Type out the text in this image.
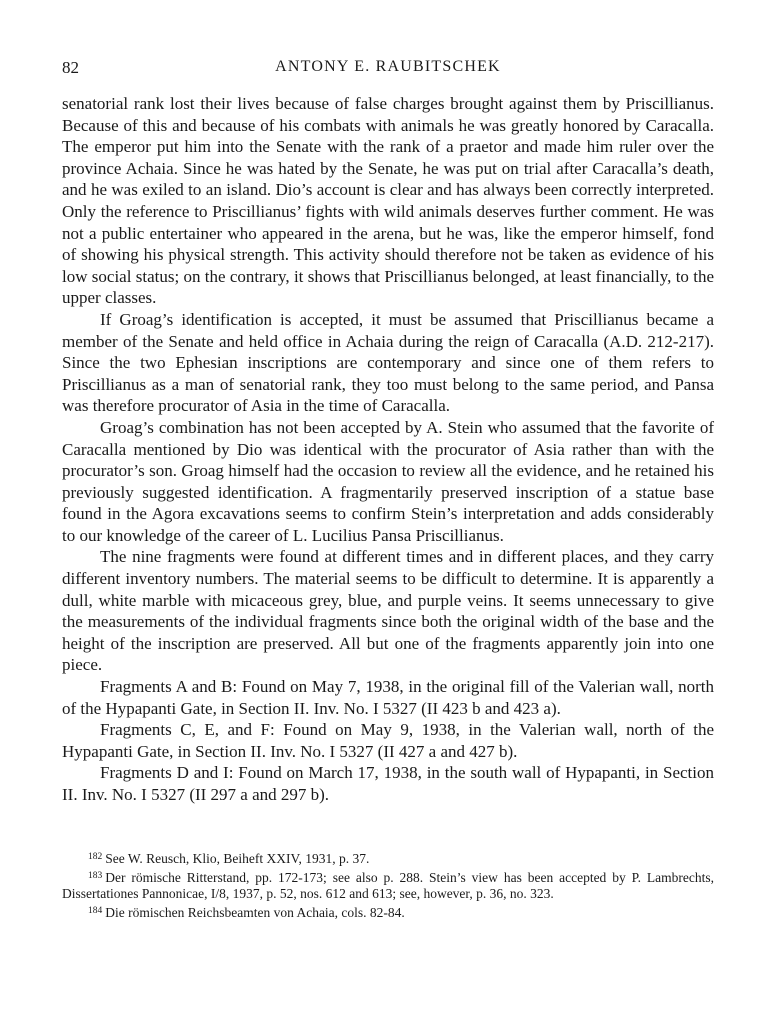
82	ANTONY E. RAUBITSCHEK

senatorial rank lost their lives because of false charges brought against them by Priscillianus. Because of this and because of his combats with animals he was greatly honored by Caracalla. The emperor put him into the Senate with the rank of a praetor and made him ruler over the province Achaia. Since he was hated by the Senate, he was put on trial after Caracalla’s death, and he was exiled to an island. Dio’s account is clear and has always been correctly interpreted. Only the reference to Priscillianus’ fights with wild animals deserves further comment. He was not a public entertainer who appeared in the arena, but he was, like the emperor himself, fond of showing his physical strength. This activity should therefore not be taken as evidence of his low social status; on the contrary, it shows that Priscillianus belonged, at least financially, to the upper classes.

If Groag’s identification is accepted, it must be assumed that Priscillianus became a member of the Senate and held office in Achaia during the reign of Caracalla (A.D. 212-217). Since the two Ephesian inscriptions are contemporary and since one of them refers to Priscillianus as a man of senatorial rank, they too must belong to the same period, and Pansa was therefore procurator of Asia in the time of Caracalla.

Groag’s combination has not been accepted by A. Stein who assumed that the favorite of Caracalla mentioned by Dio was identical with the procurator of Asia rather than with the procurator’s son. Groag himself had the occasion to review all the evidence, and he retained his previously suggested identification. A fragmentarily preserved inscription of a statue base found in the Agora excavations seems to confirm Stein’s interpretation and adds considerably to our knowledge of the career of L. Lucilius Pansa Priscillianus.

The nine fragments were found at different times and in different places, and they carry different inventory numbers. The material seems to be difficult to determine. It is apparently a dull, white marble with micaceous grey, blue, and purple veins. It seems unnecessary to give the measurements of the individual fragments since both the original width of the base and the height of the inscription are preserved. All but one of the fragments apparently join into one piece.

Fragments A and B: Found on May 7, 1938, in the original fill of the Valerian wall, north of the Hypapanti Gate, in Section II. Inv. No. I 5327 (II 423 b and 423 a).

Fragments C, E, and F: Found on May 9, 1938, in the Valerian wall, north of the Hypapanti Gate, in Section II. Inv. No. I 5327 (II 427 a and 427 b).

Fragments D and I: Found on March 17, 1938, in the south wall of Hypapanti, in Section II. Inv. No. I 5327 (II 297 a and 297 b).

$^{182}$ See W. Reusch, Klio, Beiheft XXIV, 1931, p. 37.

$^{183}$ Der römische Ritterstand, pp. 172-173; see also p. 288. Stein’s view has been accepted by P. Lambrechts, Dissertationes Pannonicae, I/8, 1937, p. 52, nos. 612 and 613; see, however, p. 36, no. 323.

$^{184}$ Die römischen Reichsbeamten von Achaia, cols. 82-84.
